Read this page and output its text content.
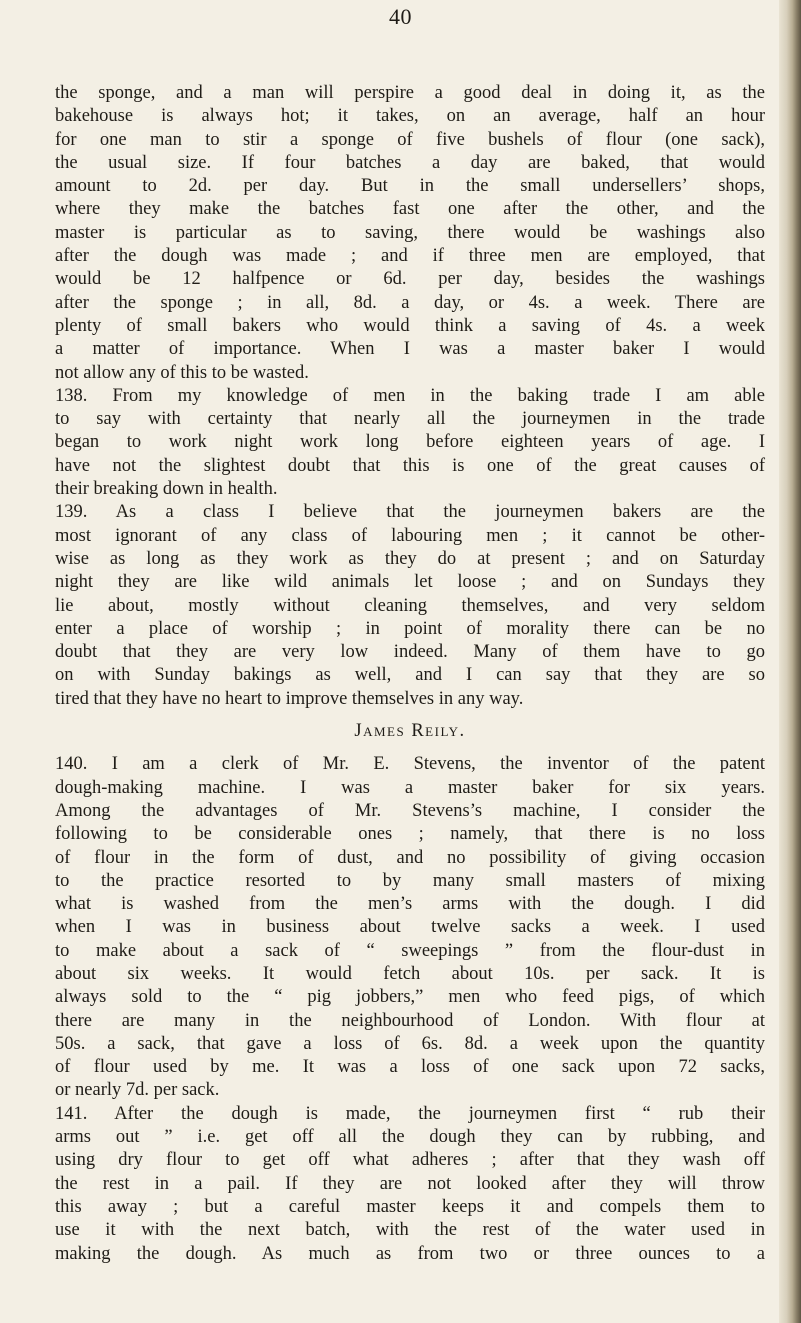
40
the sponge, and a man will perspire a good deal in doing it, as the
bakehouse is always hot; it takes, on an average, half an hour
for one man to stir a sponge of five bushels of flour (one sack),
the usual size. If four batches a day are baked, that would
amount to 2d. per day. But in the small undersellers’ shops,
where they make the batches fast one after the other, and the
master is particular as to saving, there would be washings also
after the dough was made ; and if three men are employed, that
would be 12 halfpence or 6d. per day, besides the washings
after the sponge ; in all, 8d. a day, or 4s. a week. There are
plenty of small bakers who would think a saving of 4s. a week
a matter of importance. When I was a master baker I would
not allow any of this to be wasted.
138. From my knowledge of men in the baking trade I am able
to say with certainty that nearly all the journeymen in the trade
began to work night work long before eighteen years of age. I
have not the slightest doubt that this is one of the great causes of
their breaking down in health.
139. As a class I believe that the journeymen bakers are the
most ignorant of any class of labouring men ; it cannot be other-
wise as long as they work as they do at present ; and on Saturday
night they are like wild animals let loose ; and on Sundays they
lie about, mostly without cleaning themselves, and very seldom
enter a place of worship ; in point of morality there can be no
doubt that they are very low indeed. Many of them have to go
on with Sunday bakings as well, and I can say that they are so
tired that they have no heart to improve themselves in any way.
James Reily.
140. I am a clerk of Mr. E. Stevens, the inventor of the patent
dough-making machine. I was a master baker for six years.
Among the advantages of Mr. Stevens’s machine, I consider the
following to be considerable ones ; namely, that there is no loss
of flour in the form of dust, and no possibility of giving occasion
to the practice resorted to by many small masters of mixing
what is washed from the men’s arms with the dough. I did
when I was in business about twelve sacks a week. I used
to make about a sack of “ sweepings ” from the flour-dust in
about six weeks. It would fetch about 10s. per sack. It is
always sold to the “ pig jobbers,” men who feed pigs, of which
there are many in the neighbourhood of London. With flour at
50s. a sack, that gave a loss of 6s. 8d. a week upon the quantity
of flour used by me. It was a loss of one sack upon 72 sacks,
or nearly 7d. per sack.
141. After the dough is made, the journeymen first “ rub their
arms out ” i.e. get off all the dough they can by rubbing, and
using dry flour to get off what adheres ; after that they wash off
the rest in a pail. If they are not looked after they will throw
this away ; but a careful master keeps it and compels them to
use it with the next batch, with the rest of the water used in
making the dough. As much as from two or three ounces to a
